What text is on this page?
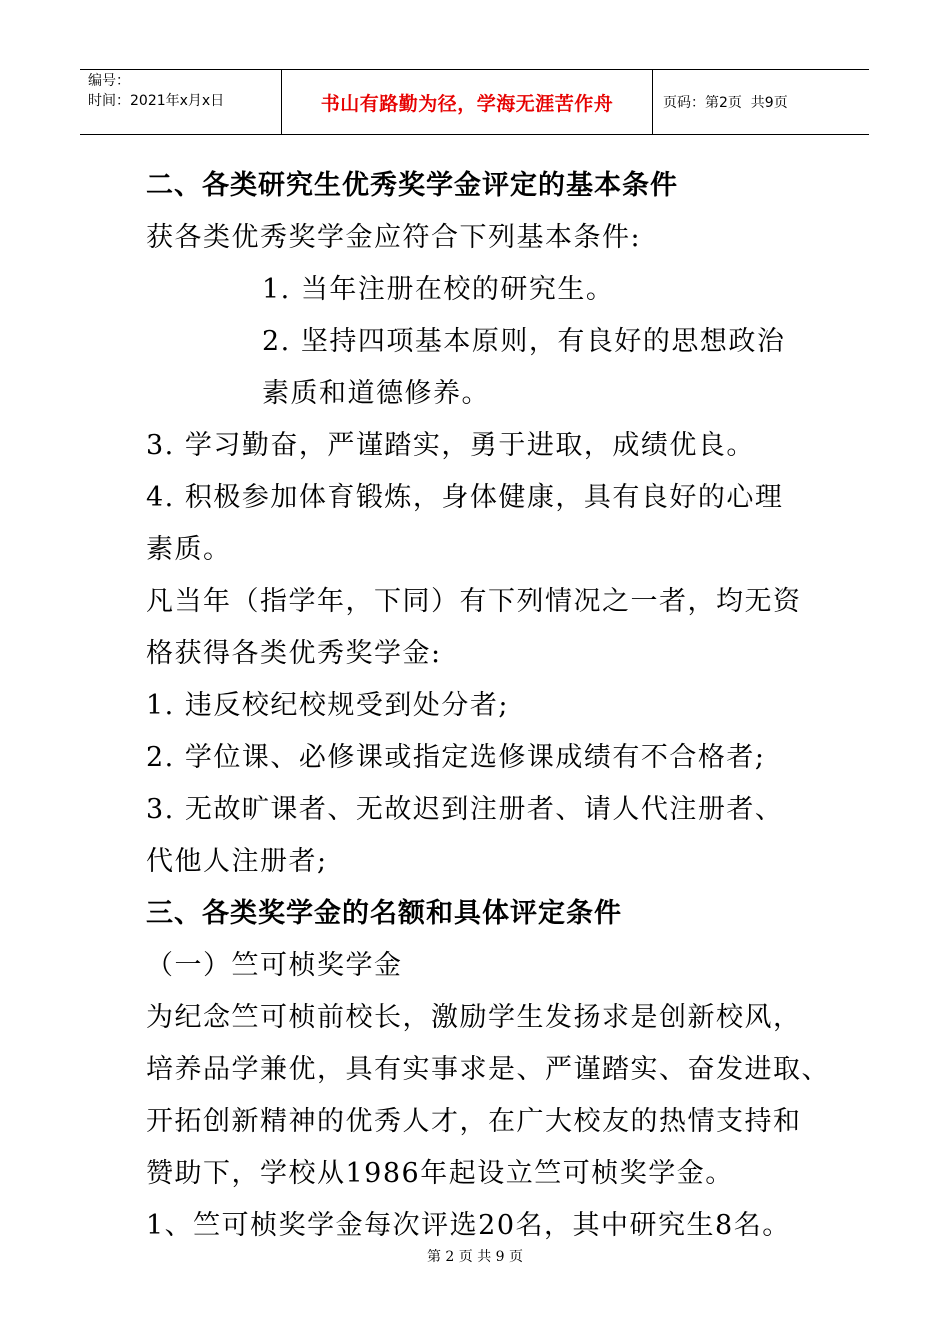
编号：
时间：2021年x月x日	书山有路勤为径，学海无涯苦作舟	页码：第2页  共9页
二、各类研究生优秀奖学金评定的基本条件
获各类优秀奖学金应符合下列基本条件:
1. 当年注册在校的研究生。
2. 坚持四项基本原则，有良好的思想政治
素质和道德修养。
3. 学习勤奋，严谨踏实，勇于进取，成绩优良。
4. 积极参加体育锻炼，身体健康，具有良好的心理
素质。
凡当年（指学年，下同）有下列情况之一者，均无资
格获得各类优秀奖学金:
1. 违反校纪校规受到处分者;
2. 学位课、必修课或指定选修课成绩有不合格者;
3. 无故旷课者、无故迟到注册者、请人代注册者、
代他人注册者;
三、各类奖学金的名额和具体评定条件
（一）竺可桢奖学金
为纪念竺可桢前校长，激励学生发扬求是创新校风，
培养品学兼优，具有实事求是、严谨踏实、奋发进取、
开拓创新精神的优秀人才，在广大校友的热情支持和
赞助下，学校从1986年起设立竺可桢奖学金。
1、竺可桢奖学金每次评选20名，其中研究生8名。
第 2 页 共 9 页
